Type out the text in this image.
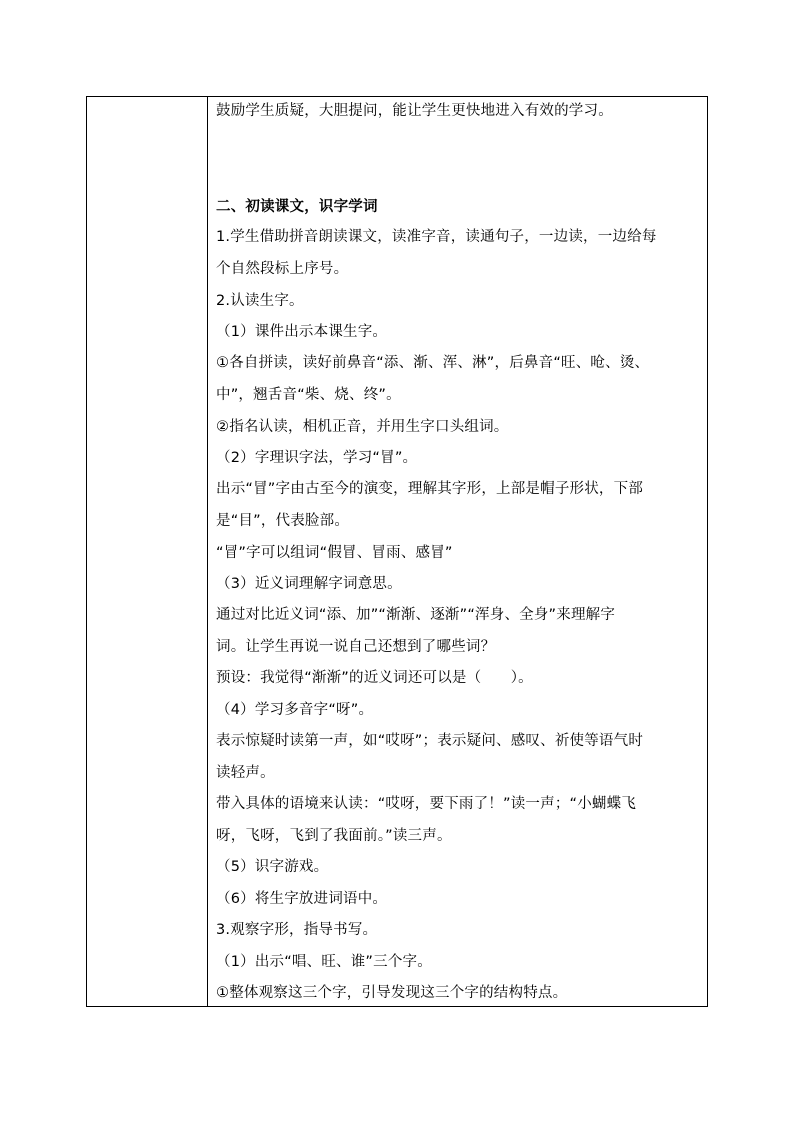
鼓励学生质疑，大胆提问，能让学生更快地进入有效的学习。
二、初读课文，识字学词
1.学生借助拼音朗读课文，读准字音，读通句子，一边读，一边给每
个自然段标上序号。
2.认读生字。
（1）课件出示本课生字。
①各自拼读，读好前鼻音“添、渐、浑、淋”，后鼻音“旺、呛、烫、
中”，翘舌音“柴、烧、终”。
②指名认读，相机正音，并用生字口头组词。
（2）字理识字法，学习“冒”。
出示“冒”字由古至今的演变，理解其字形，上部是帽子形状，下部
是“目”，代表脸部。
“冒”字可以组词“假冒、冒雨、感冒”
（3）近义词理解字词意思。
通过对比近义词“添、加”“渐渐、逐渐”“浑身、全身”来理解字
词。让学生再说一说自己还想到了哪些词？
预设：我觉得“渐渐”的近义词还可以是（　　）。
（4）学习多音字“呀”。
表示惊疑时读第一声，如“哎呀”；表示疑问、感叹、祈使等语气时
读轻声。
带入具体的语境来认读：“哎呀，要下雨了！”读一声；“小蝴蝶飞
呀，飞呀，飞到了我面前。”读三声。
（5）识字游戏。
（6）将生字放进词语中。
3.观察字形，指导书写。
（1）出示“唱、旺、谁”三个字。
①整体观察这三个字，引导发现这三个字的结构特点。
